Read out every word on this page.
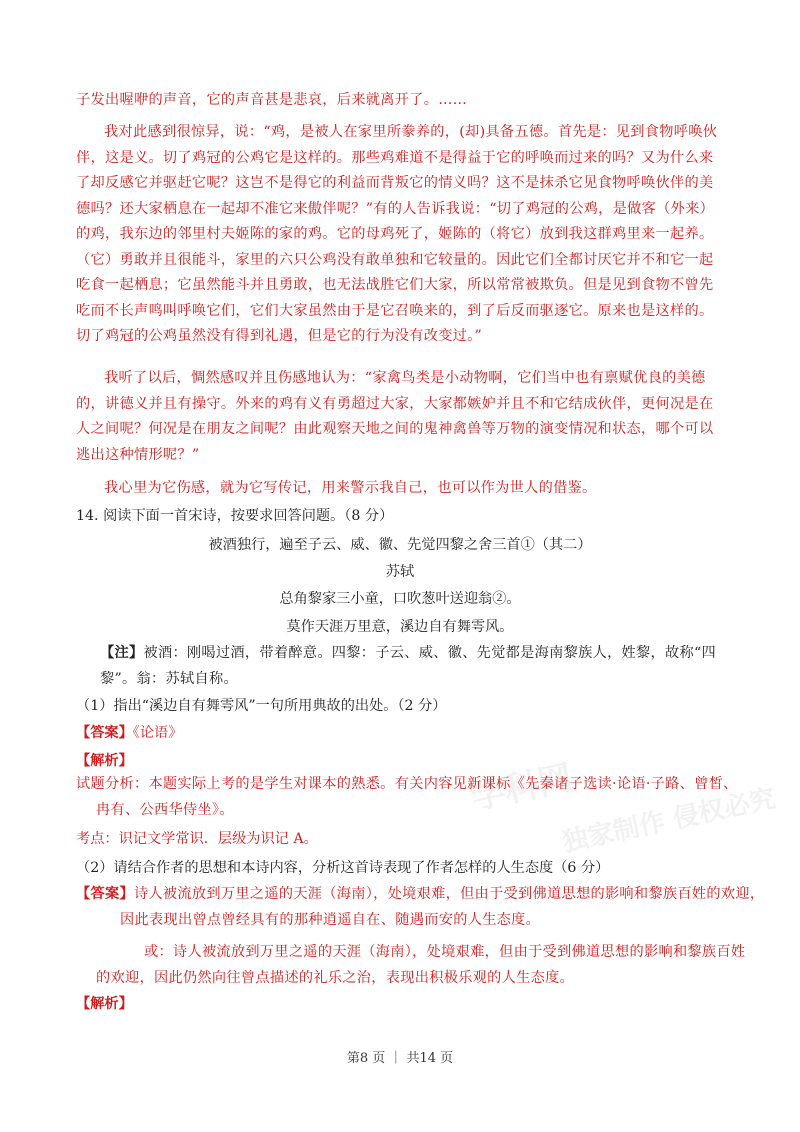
学科网
独家制作 侵权必究
子发出喔咿的声音，它的声音甚是悲哀，后来就离开了。……
我对此感到很惊异，说：“鸡，是被人在家里所豢养的，(却)具备五德。首先是：见到食物呼唤伙伴，这是义。切了鸡冠的公鸡它是这样的。那些鸡难道不是得益于它的呼唤而过来的吗？又为什么来了却反感它并驱赶它呢？这岂不是得它的利益而背叛它的情义吗？这不是抹杀它见食物呼唤伙伴的美德吗？还大家栖息在一起却不准它来傲伴呢？”有的人告诉我说：“切了鸡冠的公鸡，是做客（外来）的鸡，我东边的邻里村夫姬陈的家的鸡。它的母鸡死了，姬陈的（将它）放到我这群鸡里来一起养。（它）勇敢并且很能斗，家里的六只公鸡没有敢单独和它较量的。因此它们全都讨厌它并不和它一起吃食一起栖息；它虽然能斗并且勇敢，也无法战胜它们大家，所以常常被欺负。但是见到食物不曾先吃而不长声鸣叫呼唤它们，它们大家虽然由于是它召唤来的，到了后反而驱逐它。原来也是这样的。切了鸡冠的公鸡虽然没有得到礼遇，但是它的行为没有改变过。”
我听了以后，惆然感叹并且伤感地认为：“家禽鸟类是小动物啊，它们当中也有禀赋优良的美德的，讲德义并且有操守。外来的鸡有义有勇超过大家，大家都嫉妒并且不和它结成伙伴，更何况是在人之间呢？何况是在朋友之间呢？由此观察天地之间的鬼神禽兽等万物的演变情况和状态，哪个可以逃出这种情形呢？”
我心里为它伤感，就为它写传记，用来警示我自己，也可以作为世人的借鉴。
14. 阅读下面一首宋诗，按要求回答问题。（8 分）
被酒独行，遍至子云、威、徽、先觉四黎之舍三首①（其二）
苏轼
总角黎家三小童，口吹葱叶送迎翁②。
莫作天涯万里意，溪边自有舞雩风。
【注】被酒：刚喝过酒，带着醉意。四黎：子云、威、徽、先觉都是海南黎族人，姓黎，故称“四黎”。翁：苏轼自称。
（1）指出“溪边自有舞雩风”一句所用典故的出处。（2 分）
【答案】《论语》
【解析】
试题分析：本题实际上考的是学生对课本的熟悉。有关内容见新课标《先秦诸子选读·论语·子路、曾皙、冉有、公西华侍坐》。
考点：识记文学常识．层级为识记 A。
（2）请结合作者的思想和本诗内容，分析这首诗表现了作者怎样的人生态度（6 分）
【答案】诗人被流放到万里之遥的天涯（海南），处境艰难，但由于受到佛道思想的影响和黎族百姓的欢迎，因此表现出曾点曾经具有的那种逍遥自在、随遇而安的人生态度。
或：诗人被流放到万里之遥的天涯（海南），处境艰难，但由于受到佛道思想的影响和黎族百姓的欢迎，因此仍然向往曾点描述的礼乐之治，表现出积极乐观的人生态度。
【解析】
第8 页 ｜ 共14 页
